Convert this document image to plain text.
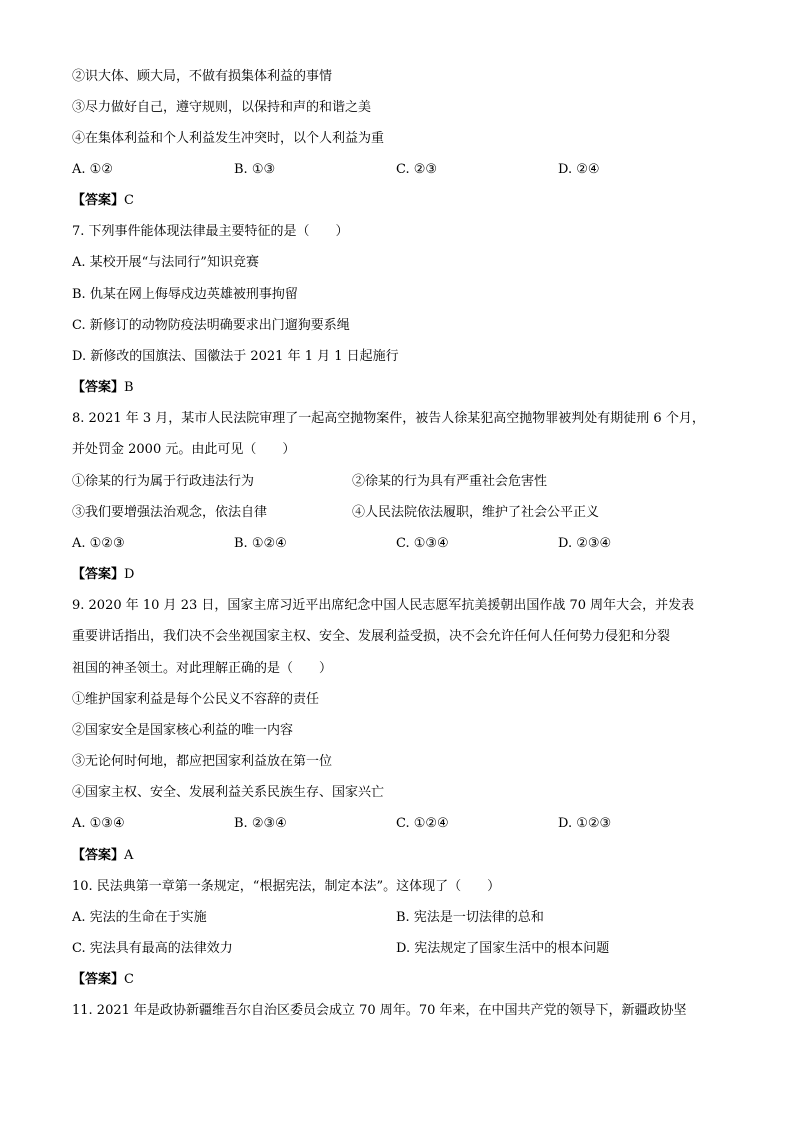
②识大体、顾大局，不做有损集体利益的事情
③尽力做好自己，遵守规则，以保持和声的和谐之美
④在集体利益和个人利益发生冲突时，以个人利益为重
A. ①②	B. ①③	C. ②③	D. ②④
【答案】C
7. 下列事件能体现法律最主要特征的是（　　）
A. 某校开展“与法同行”知识竞赛
B. 仇某在网上侮辱戍边英雄被刑事拘留
C. 新修订的动物防疫法明确要求出门遛狗要系绳
D. 新修改的国旗法、国徽法于 2021 年 1 月 1 日起施行
【答案】B
8. 2021 年 3 月，某市人民法院审理了一起高空抛物案件，被告人徐某犯高空抛物罪被判处有期徒刑 6 个月，
并处罚金 2000 元。由此可见（　　）
①徐某的行为属于行政违法行为	②徐某的行为具有严重社会危害性
③我们要增强法治观念，依法自律	④人民法院依法履职，维护了社会公平正义
A. ①②③	B. ①②④	C. ①③④	D. ②③④
【答案】D
9. 2020 年 10 月 23 日，国家主席习近平出席纪念中国人民志愿军抗美援朝出国作战 70 周年大会，并发表
重要讲话指出，我们决不会坐视国家主权、安全、发展利益受损，决不会允许任何人任何势力侵犯和分裂
祖国的神圣领土。对此理解正确的是（　　）
①维护国家利益是每个公民义不容辞的责任
②国家安全是国家核心利益的唯一内容
③无论何时何地，都应把国家利益放在第一位
④国家主权、安全、发展利益关系民族生存、国家兴亡
A. ①③④	B. ②③④	C. ①②④	D. ①②③
【答案】A
10. 民法典第一章第一条规定，“根据宪法，制定本法”。这体现了（　　）
A. 宪法的生命在于实施	B. 宪法是一切法律的总和
C. 宪法具有最高的法律效力	D. 宪法规定了国家生活中的根本问题
【答案】C
11. 2021 年是政协新疆维吾尔自治区委员会成立 70 周年。70 年来，在中国共产党的领导下，新疆政协坚
